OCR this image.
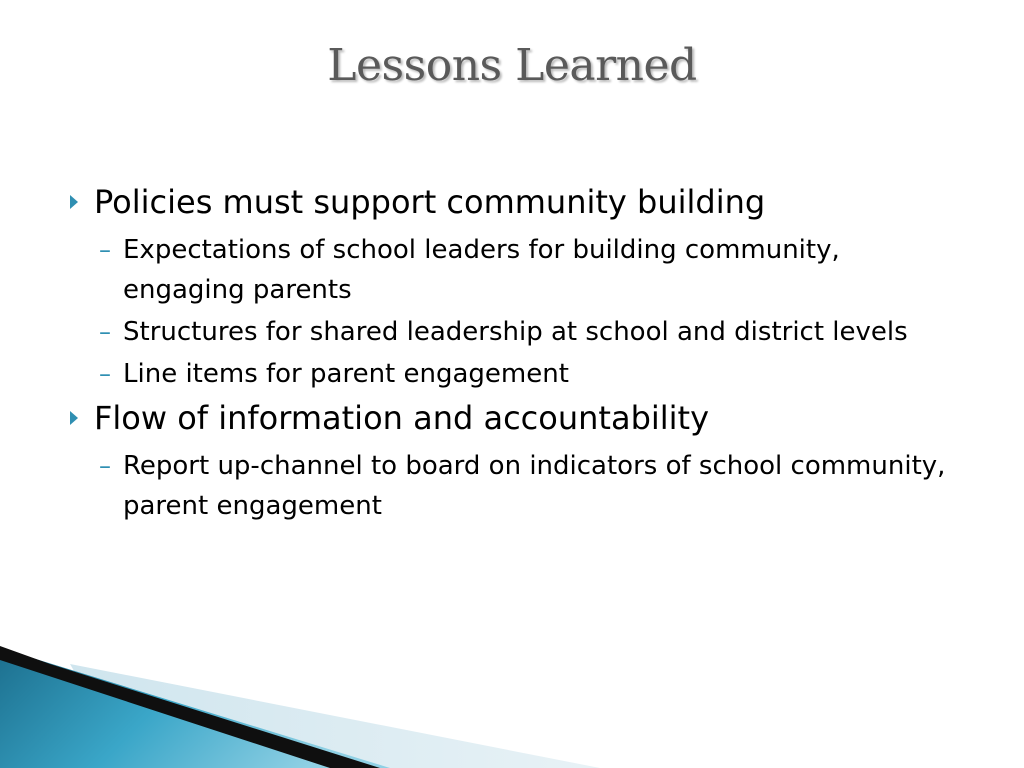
Lessons Learned
Policies must support community building
– Expectations of school leaders for building community, engaging parents
– Structures for shared leadership at school and district levels
– Line items for parent engagement
Flow of information and accountability
– Report up-channel to board on indicators of school community, parent engagement
